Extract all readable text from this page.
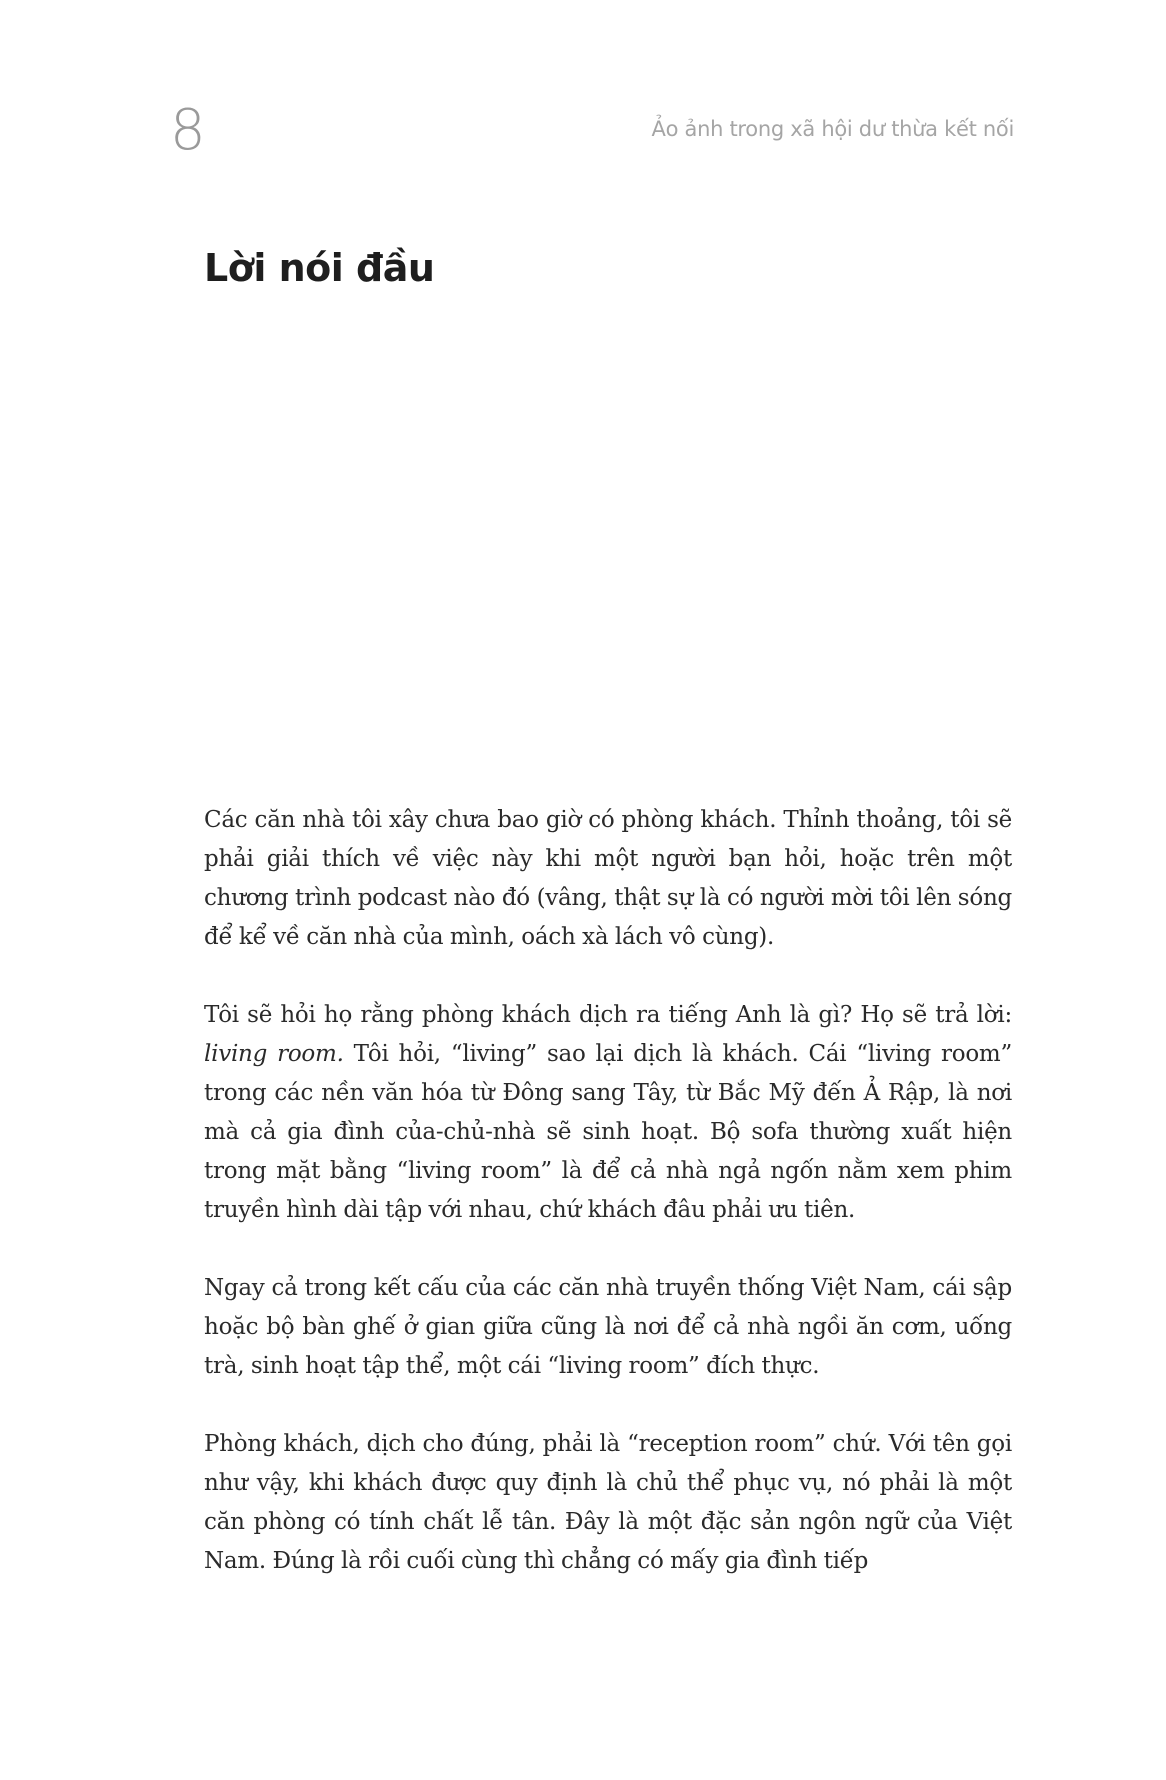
8	Ảo ảnh trong xã hội dư thừa kết nối
Lời nói đầu

Các căn nhà tôi xây chưa bao giờ có phòng khách. Thỉnh thoảng, tôi sẽ phải giải thích về việc này khi một người bạn hỏi, hoặc trên một chương trình podcast nào đó (vâng, thật sự là có người mời tôi lên sóng để kể về căn nhà của mình, oách xà lách vô cùng).

Tôi sẽ hỏi họ rằng phòng khách dịch ra tiếng Anh là gì? Họ sẽ trả lời: living room. Tôi hỏi, “living” sao lại dịch là khách. Cái “living room” trong các nền văn hóa từ Đông sang Tây, từ Bắc Mỹ đến Ả Rập, là nơi mà cả gia đình của-chủ-nhà sẽ sinh hoạt. Bộ sofa thường xuất hiện trong mặt bằng “living room” là để cả nhà ngả ngốn nằm xem phim truyền hình dài tập với nhau, chứ khách đâu phải ưu tiên.

Ngay cả trong kết cấu của các căn nhà truyền thống Việt Nam, cái sập hoặc bộ bàn ghế ở gian giữa cũng là nơi để cả nhà ngồi ăn cơm, uống trà, sinh hoạt tập thể, một cái “living room” đích thực.

Phòng khách, dịch cho đúng, phải là “reception room” chứ. Với tên gọi như vậy, khi khách được quy định là chủ thể phục vụ, nó phải là một căn phòng có tính chất lễ tân. Đây là một đặc sản ngôn ngữ của Việt Nam. Đúng là rồi cuối cùng thì chẳng có mấy gia đình tiếp
